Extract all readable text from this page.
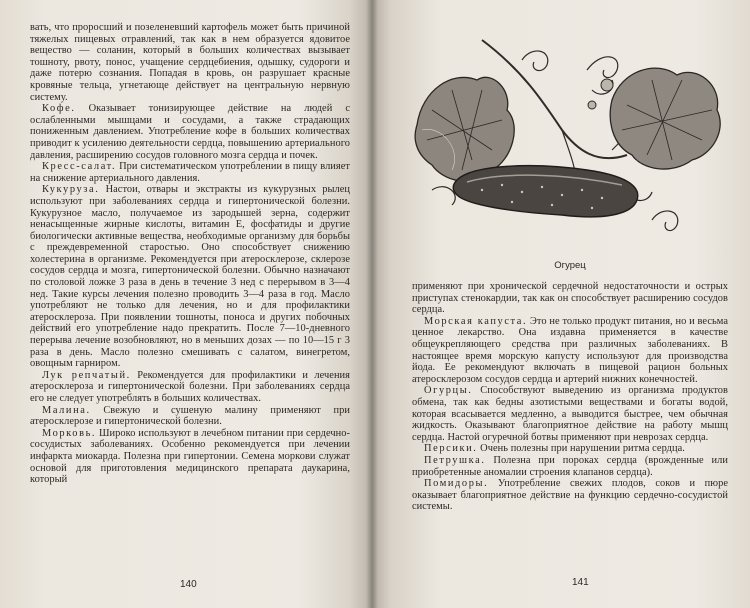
вать, что проросший и позеленевший картофель может быть причиной тяжелых пищевых отравлений, так как в нем образуется ядовитое вещество — соланин, который в больших количествах вызывает тошноту, рвоту, понос, учащение сердцебиения, одышку, судороги и даже потерю сознания. Попадая в кровь, он разрушает красные кровяные тельца, угнетающе действует на центральную нервную систему.

Кофе. Оказывает тонизирующее действие на людей с ослабленными мышцами и сосудами, а также страдающих пониженным давлением. Употребление кофе в больших количествах приводит к усилению деятельности сердца, повышению артериального давления, расширению сосудов головного мозга сердца и почек.

Кресс-салат. При систематическом употреблении в пищу влияет на снижение артериального давления.

Кукуруза. Настои, отвары и экстракты из кукурузных рылец используют при заболеваниях сердца и гипертонической болезни. Кукурузное масло, получаемое из зародышей зерна, содержит ненасыщенные жирные кислоты, витамин Е, фосфатиды и другие биологически активные вещества, необходимые организму для борьбы с преждевременной старостью. Оно способствует снижению холестерина в организме. Рекомендуется при атеросклерозе, склерозе сосудов сердца и мозга, гипертонической болезни. Обычно назначают по столовой ложке 3 раза в день в течение 3 нед с перерывом в 3—4 нед. Такие курсы лечения полезно проводить 3—4 раза в год. Масло употребляют не только для лечения, но и для профилактики атеросклероза. При появлении тошноты, поноса и других побочных действий его употребление надо прекратить. После 7—10-дневного перерыва лечение возобновляют, но в меньших дозах — по 10—15 г 3 раза в день. Масло полезно смешивать с салатом, винегретом, овощным гарниром.

Лук репчатый. Рекомендуется для профилактики и лечения атеросклероза и гипертонической болезни. При заболеваниях сердца его не следует употреблять в больших количествах.

Малина. Свежую и сушеную малину применяют при атеросклерозе и гипертонической болезни.

Морковь. Широко используют в лечебном питании при сердечно-сосудистых заболеваниях. Особенно рекомендуется при лечении инфаркта миокарда. Полезна при гипертонии. Семена моркови служат основой для приготовления медицинского препарата даукарина, который

140
Огурец

применяют при хронической сердечной недостаточности и острых приступах стенокардии, так как он способствует расширению сосудов сердца.

Морская капуста. Это не только продукт питания, но и весьма ценное лекарство. Она издавна применяется в качестве общеукрепляющего средства при различных заболеваниях. В настоящее время морскую капусту используют для производства йода. Ее рекомендуют включать в пищевой рацион больных атеросклерозом сосудов сердца и артерий нижних конечностей.

Огурцы. Способствуют выведению из организма продуктов обмена, так как бедны азотистыми веществами и богаты водой, которая всасывается медленно, а выводится быстрее, чем обычная жидкость. Оказывают благоприятное действие на работу мышц сердца. Настой огуречной ботвы применяют при неврозах сердца.

Персики. Очень полезны при нарушении ритма сердца.

Петрушка. Полезна при пороках сердца (врожденные или приобретенные аномалии строения клапанов сердца).

Помидоры. Употребление свежих плодов, соков и пюре оказывает благоприятное действие на функцию сердечно-сосудистой системы.

141
